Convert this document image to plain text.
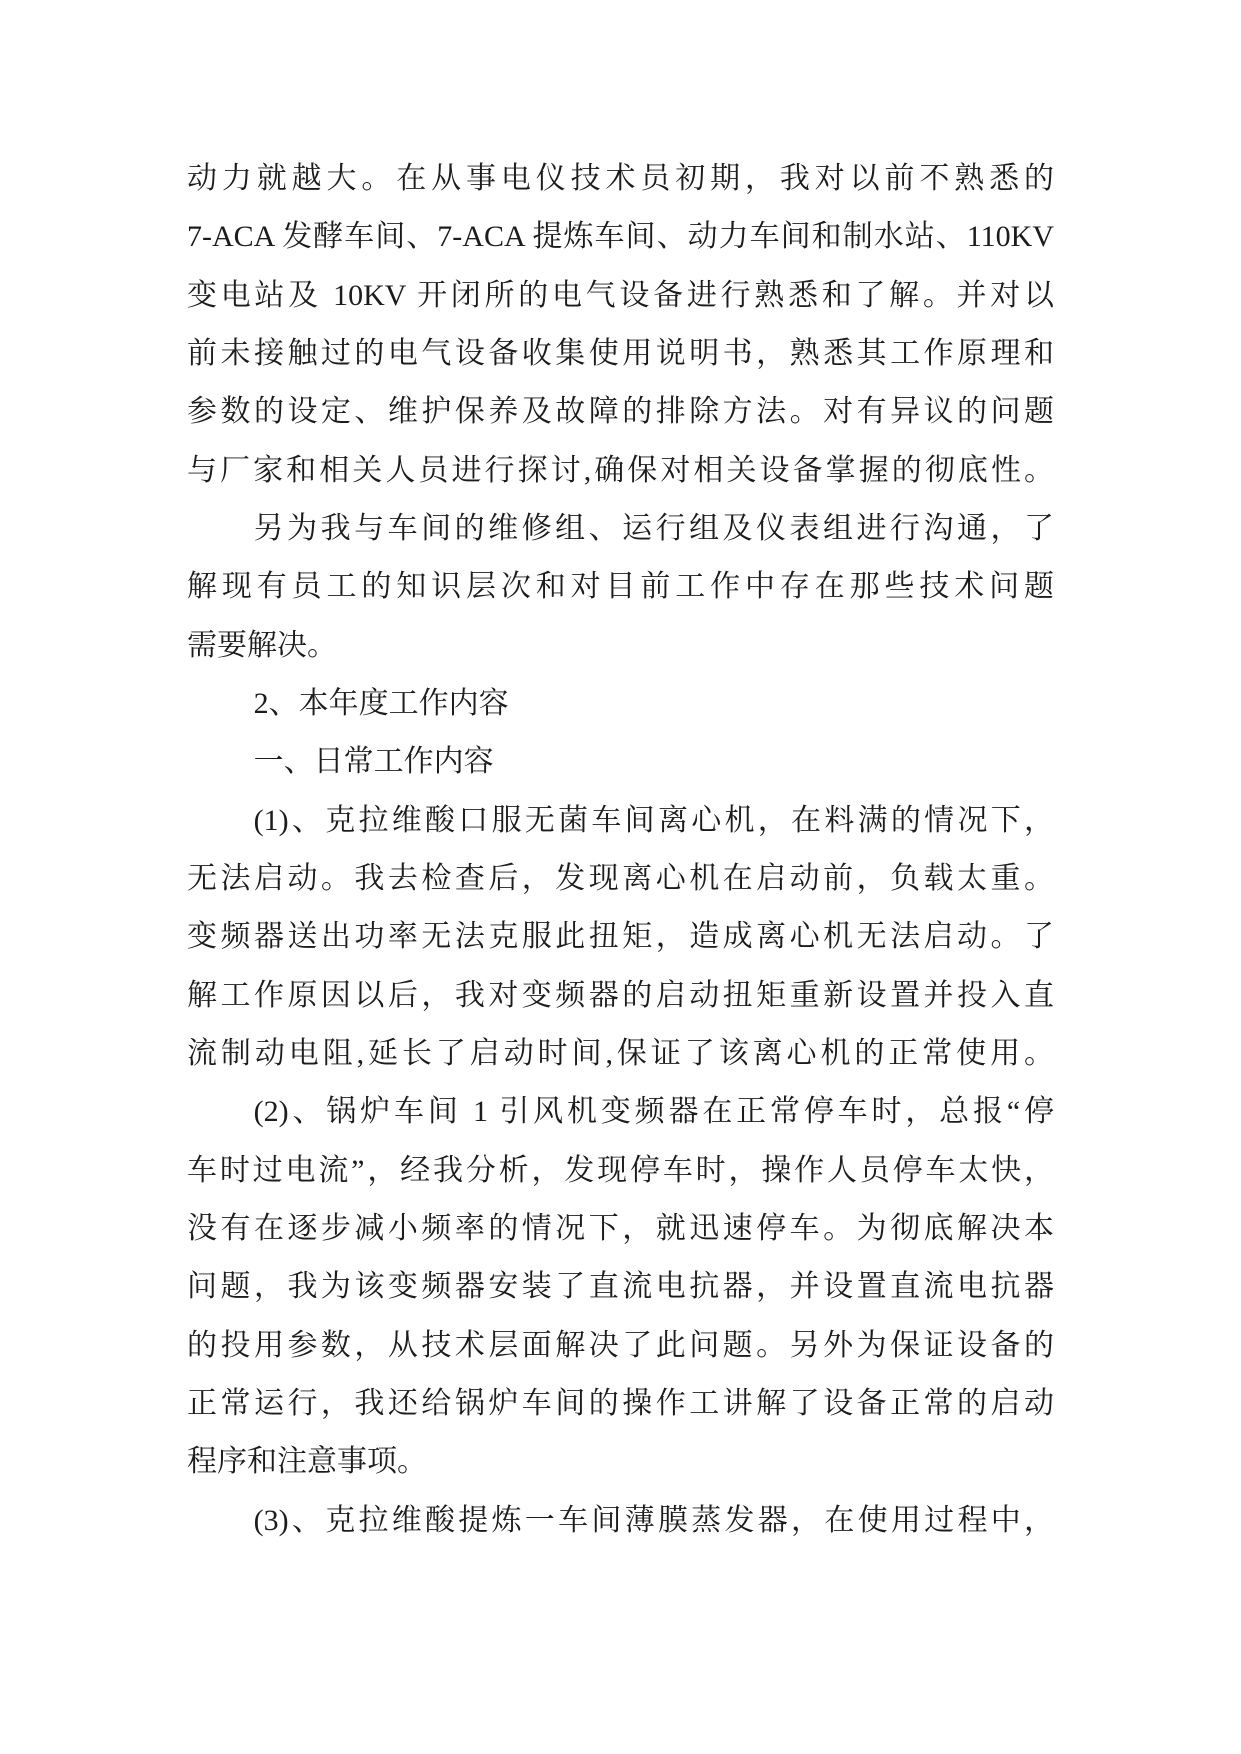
动力就越大。在从事电仪技术员初期，我对以前不熟悉的
7-ACA 发酵车间、7-ACA 提炼车间、动力车间和制水站、110KV
变电站及 10KV 开闭所的电气设备进行熟悉和了解。并对以
前未接触过的电气设备收集使用说明书，熟悉其工作原理和
参数的设定、维护保养及故障的排除方法。对有异议的问题
与厂家和相关人员进行探讨,确保对相关设备掌握的彻底性。
另为我与车间的维修组、运行组及仪表组进行沟通，了
解现有员工的知识层次和对目前工作中存在那些技术问题
需要解决。
2、本年度工作内容
一、日常工作内容
(1)、克拉维酸口服无菌车间离心机，在料满的情况下，
无法启动。我去检查后，发现离心机在启动前，负载太重。
变频器送出功率无法克服此扭矩，造成离心机无法启动。了
解工作原因以后，我对变频器的启动扭矩重新设置并投入直
流制动电阻,延长了启动时间,保证了该离心机的正常使用。
(2)、锅炉车间 1 引风机变频器在正常停车时，总报“停
车时过电流”，经我分析，发现停车时，操作人员停车太快，
没有在逐步减小频率的情况下，就迅速停车。为彻底解决本
问题，我为该变频器安装了直流电抗器，并设置直流电抗器
的投用参数，从技术层面解决了此问题。另外为保证设备的
正常运行，我还给锅炉车间的操作工讲解了设备正常的启动
程序和注意事项。
(3)、克拉维酸提炼一车间薄膜蒸发器，在使用过程中，
